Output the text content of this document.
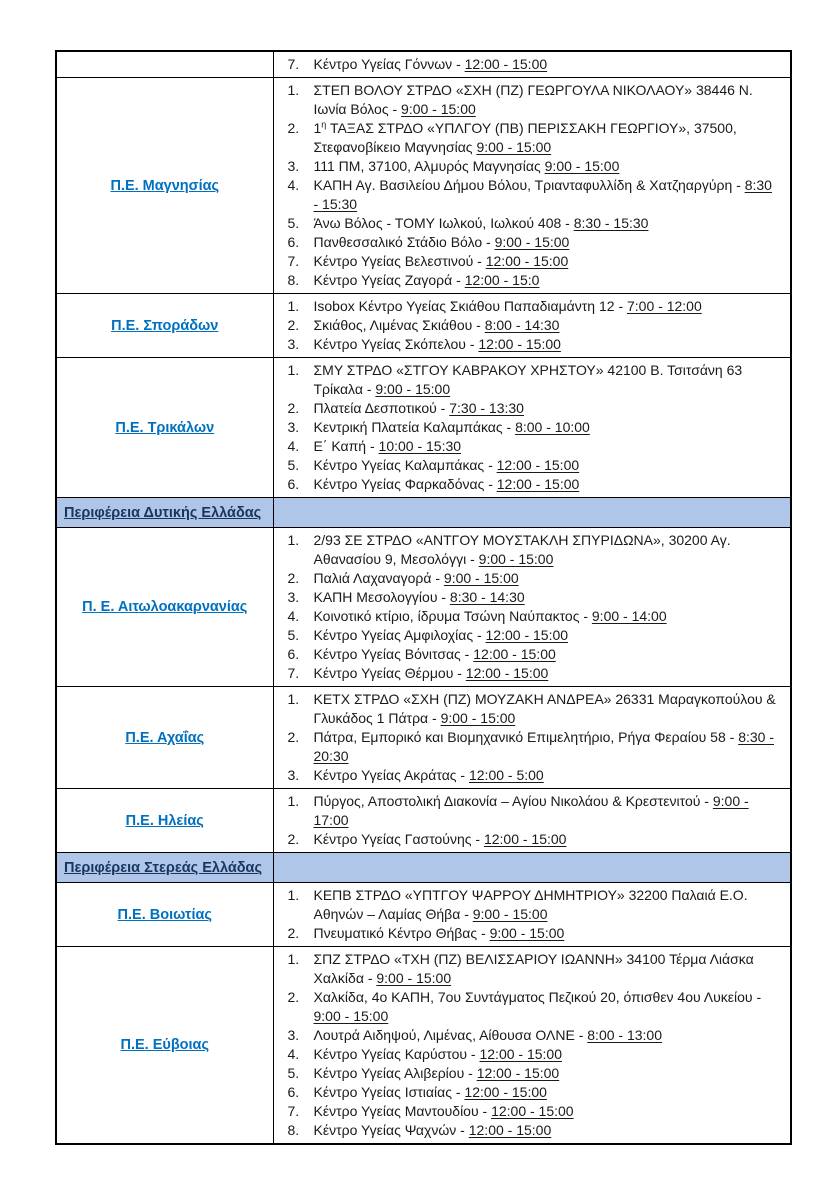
	7. Κέντρο Υγείας Γόννων - 12:00 - 15:00

Π.Ε. Μαγνησίας	
1.	ΣΤΕΠ ΒΟΛΟΥ ΣΤΡΔΟ «ΣΧΗ (ΠΖ) ΓΕΩΡΓΟΥΛΑ ΝΙΚΟΛΑΟΥ» 38446 Ν. Ιωνία Βόλος - 9:00 - 15:00
2.	$1^\eta$ ΤΑΞΑΣ ΣΤΡΔΟ «ΥΠΛΓΟΥ (ΠΒ) ΠΕΡΙΣΣΑΚΗ ΓΕΩΡΓΙΟΥ», 37500, Στεφανοβίκειο Μαγνησίας 9:00 - 15:00
3.	111 ΠΜ, 37100, Αλμυρός Μαγνησίας 9:00 - 15:00
4.	ΚΑΠΗ Αγ. Βασιλείου Δήμου Βόλου, Τριανταφυλλίδη & Χατζηαργύρη - 8:30 - 15:30
5.	Άνω Βόλος - ΤΟΜΥ Ιωλκού, Ιωλκού 408 - 8:30 - 15:30
6.	Πανθεσσαλικό Στάδιο Βόλο - 9:00 - 15:00
7.	Κέντρο Υγείας Βελεστινού - 12:00 - 15:00
8.	Κέντρο Υγείας Ζαγορά - 12:00 - 15:0

Π.Ε. Σποράδων	
1.	Isobox Κέντρο Υγείας Σκιάθου Παπαδιαμάντη 12 - 7:00 - 12:00
2.	Σκιάθος, Λιμένας Σκιάθου - 8:00 - 14:30
3.	Κέντρο Υγείας Σκόπελου - 12:00 - 15:00

Π.Ε. Τρικάλων	
1.	ΣΜΥ ΣΤΡΔΟ «ΣΤΓΟΥ ΚΑΒΡΑΚΟΥ ΧΡΗΣΤΟΥ» 42100 Β. Τσιτσάνη 63 Τρίκαλα - 9:00 - 15:00
2.	Πλατεία Δεσποτικού - 7:30 - 13:30
3.	Κεντρική Πλατεία Καλαμπάκας - 8:00 - 10:00
4.	Ε΄ Καπή - 10:00 - 15:30
5.	Κέντρο Υγείας Καλαμπάκας - 12:00 - 15:00
6.	Κέντρο Υγείας Φαρκαδόνας - 12:00 - 15:00

Περιφέρεια Δυτικής Ελλάδας	
Π. Ε. Αιτωλοακαρνανίας	
1.	2/93 ΣΕ ΣΤΡΔΟ «ΑΝΤΓΟΥ ΜΟΥΣΤΑΚΛΗ ΣΠΥΡΙΔΩΝΑ», 30200 Αγ. Αθανασίου 9, Μεσολόγγι - 9:00 - 15:00
2.	Παλιά Λαχαναγορά - 9:00 - 15:00
3.	ΚΑΠΗ Μεσολογγίου - 8:30 - 14:30
4.	Κοινοτικό κτίριο, ίδρυμα Τσώνη Ναύπακτος - 9:00 - 14:00
5.	Κέντρο Υγείας Αμφιλοχίας - 12:00 - 15:00
6.	Κέντρο Υγείας Βόνιτσας - 12:00 - 15:00
7.	Κέντρο Υγείας Θέρμου - 12:00 - 15:00

Π.Ε. Αχαΐας	
1.	ΚΕΤΧ ΣΤΡΔΟ «ΣΧΗ (ΠΖ) ΜΟΥΖΑΚΗ ΑΝΔΡΕΑ» 26331 Μαραγκοπούλου & Γλυκάδος 1 Πάτρα - 9:00 - 15:00
2.	Πάτρα, Εμπορικό και Βιομηχανικό Επιμελητήριο, Ρήγα Φεραίου 58 - 8:30 - 20:30
3.	Κέντρο Υγείας Ακράτας - 12:00 - 5:00

Π.Ε. Ηλείας	1. Πύργος, Αποστολική Διακονία – Αγίου Νικολάου & Κρεστενιτού - 9:00 - 17:00
2. Κέντρο Υγείας Γαστούνης - 12:00 - 15:00

Περιφέρεια Στερεάς Ελλάδας	
Π.Ε. Βοιωτίας	1. ΚΕΠΒ ΣΤΡΔΟ «ΥΠΤΓΟΥ ΨΑΡΡΟΥ ΔΗΜΗΤΡΙΟΥ» 32200 Παλαιά Ε.Ο. Αθηνών – Λαμίας Θήβα - 9:00 - 15:00
2. Πνευματικό Κέντρο Θήβας - 9:00 - 15:00

Π.Ε. Εύβοιας	
1.	ΣΠΖ ΣΤΡΔΟ «ΤΧΗ (ΠΖ) ΒΕΛΙΣΣΑΡΙΟΥ ΙΩΑΝΝΗ» 34100 Τέρμα Λιάσκα Χαλκίδα - 9:00 - 15:00
2.	Χαλκίδα, 4ο ΚΑΠΗ, 7ου Συντάγματος Πεζικού 20, όπισθεν 4ου Λυκείου - 9:00 - 15:00
3.	Λουτρά Αιδηψού, Λιμένας, Αίθουσα ΟΛΝΕ - 8:00 - 13:00
4.	Κέντρο Υγείας Καρύστου - 12:00 - 15:00
5.	Κέντρο Υγείας Αλιβερίου - 12:00 - 15:00
6.	Κέντρο Υγείας Ιστιαίας - 12:00 - 15:00
7.	Κέντρο Υγείας Μαντουδίου - 12:00 - 15:00
8.	Κέντρο Υγείας Ψαχνών - 12:00 - 15:00
